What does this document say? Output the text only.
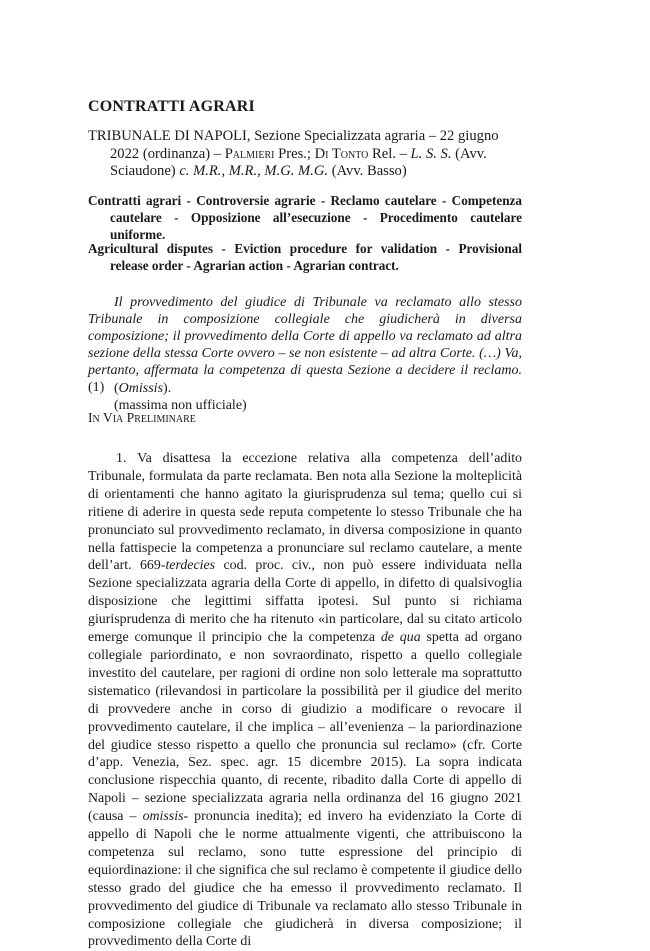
CONTRATTI AGRARI

TRIBUNALE DI NAPOLI, Sezione Specializzata agraria – 22 giugno 2022 (ordinanza) – Palmieri Pres.; Di Tonto Rel. – L. S. S. (Avv. Sciaudone) c. M.R., M.R., M.G. M.G. (Avv. Basso)

Contratti agrari - Controversie agrarie - Reclamo cautelare - Competenza cautelare - Opposizione all’esecuzione - Procedimento cautelare uniforme.

Agricultural disputes - Eviction procedure for validation - Provisional release order - Agrarian action - Agrarian contract.

Il provvedimento del giudice di Tribunale va reclamato allo stesso Tribunale in composizione collegiale che giudicherà in diversa composizione; il provvedimento della Corte di appello va reclamato ad altra sezione della stessa Corte ovvero – se non esistente – ad altra Corte. (…) Va, pertanto, affermata la competenza di questa Sezione a decidere il reclamo. (1)

(massima non ufficiale)
(Omissis).
In Via Preliminare

1. Va disattesa la eccezione relativa alla competenza dell’adito Tribunale, formulata da parte reclamata. Ben nota alla Sezione la molteplicità di orientamenti che hanno agitato la giurisprudenza sul tema; quello cui si ritiene di aderire in questa sede reputa competente lo stesso Tribunale che ha pronunciato sul provvedimento reclamato, in diversa composizione in quanto nella fattispecie la competenza a pronunciare sul reclamo cautelare, a mente dell’art. 669-terdecies cod. proc. civ., non può essere individuata nella Sezione specializzata agraria della Corte di appello, in difetto di qualsivoglia disposizione che legittimi siffatta ipotesi. Sul punto si richiama giurisprudenza di merito che ha ritenuto «in particolare, dal su citato articolo emerge comunque il principio che la competenza de qua spetta ad organo collegiale pariordinato, e non sovraordinato, rispetto a quello collegiale investito del cautelare, per ragioni di ordine non solo letterale ma soprattutto sistematico (rilevandosi in particolare la possibilità per il giudice del merito di provvedere anche in corso di giudizio a modificare o revocare il provvedimento cautelare, il che implica – all’evenienza – la pariordinazione del giudice stesso rispetto a quello che pronuncia sul reclamo» (cfr. Corte d’app. Venezia, Sez. spec. agr. 15 dicembre 2015). La sopra indicata conclusione rispecchia quanto, di recente, ribadito dalla Corte di appello di Napoli – sezione specializzata agraria nella ordinanza del 16 giugno 2021 (causa – omissis- pronuncia inedita); ed invero ha evidenziato la Corte di appello di Napoli che le norme attualmente vigenti, che attribuiscono la competenza sul reclamo, sono tutte espressione del principio di equiordinazione: il che significa che sul reclamo è competente il giudice dello stesso grado del giudice che ha emesso il provvedimento reclamato. Il provvedimento del giudice di Tribunale va reclamato allo stesso Tribunale in composizione collegiale che giudicherà in diversa composizione; il provvedimento della Corte di
